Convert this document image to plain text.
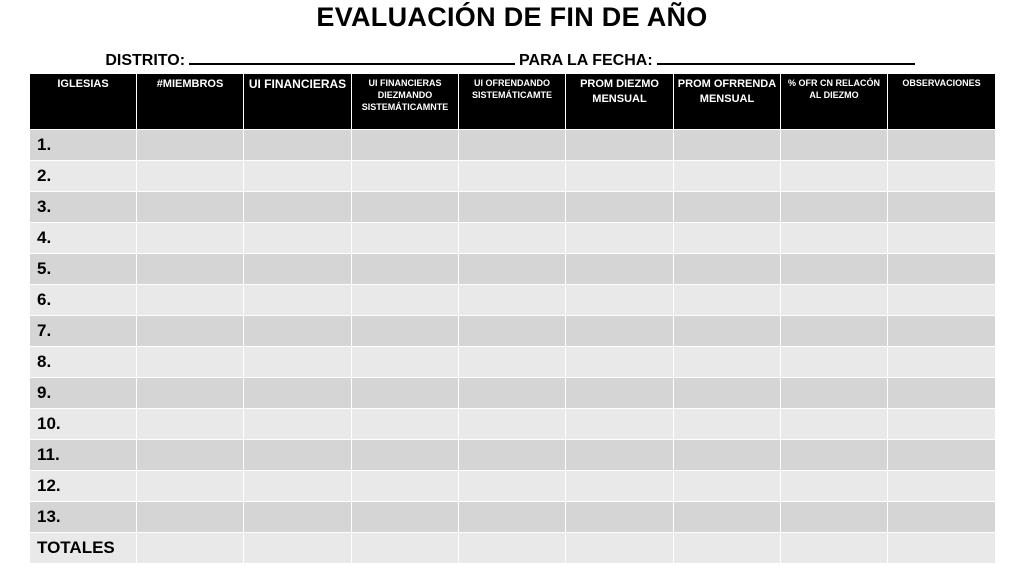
EVALUACIÓN DE FIN DE AÑO
DISTRITO:	PARA LA FECHA:
IGLESIAS	#MIEMBROS	UI FINANCIERAS	UI FINANCIERAS DIEZMANDO SISTEMÁTICAMNTE	UI OFRENDANDO SISTEMÁTICAMTE	PROM DIEZMO MENSUAL	PROM OFRRENDA MENSUAL	% OFR CN RELACÓN AL DIEZMO	OBSERVACIONES
1.								
2.								
3.								
4.								
5.								
6.								
7.								
8.								
9.								
10.								
11.								
12.								
13.								
TOTALES								
